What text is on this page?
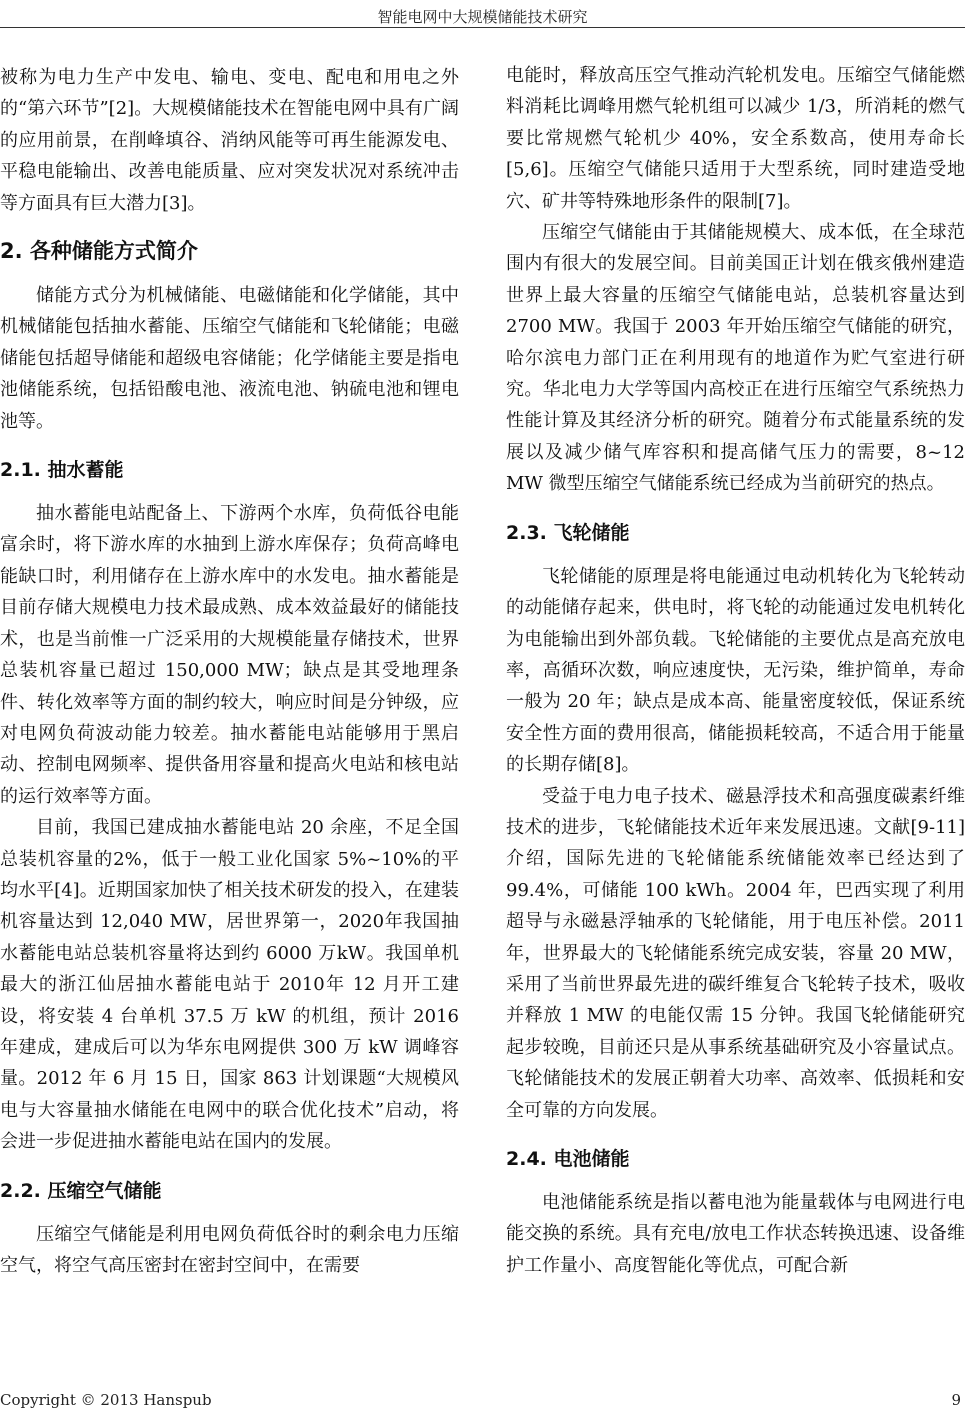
智能电网中大规模储能技术研究

被称为电力生产中发电、输电、变电、配电和用电之外的“第六环节”[2]。大规模储能技术在智能电网中具有广阔的应用前景，在削峰填谷、消纳风能等可再生能源发电、平稳电能输出、改善电能质量、应对突发状况对系统冲击等方面具有巨大潜力[3]。

2. 各种储能方式简介

储能方式分为机械储能、电磁储能和化学储能，其中机械储能包括抽水蓄能、压缩空气储能和飞轮储能；电磁储能包括超导储能和超级电容储能；化学储能主要是指电池储能系统，包括铅酸电池、液流电池、钠硫电池和锂电池等。

2.1. 抽水蓄能

抽水蓄能电站配备上、下游两个水库，负荷低谷电能富余时，将下游水库的水抽到上游水库保存；负荷高峰电能缺口时，利用储存在上游水库中的水发电。抽水蓄能是目前存储大规模电力技术最成熟、成本效益最好的储能技术，也是当前惟一广泛采用的大规模能量存储技术，世界总装机容量已超过 150,000 MW；缺点是其受地理条件、转化效率等方面的制约较大，响应时间是分钟级，应对电网负荷波动能力较差。抽水蓄能电站能够用于黑启动、控制电网频率、提供备用容量和提高火电站和核电站的运行效率等方面。

目前，我国已建成抽水蓄能电站 20 余座，不足全国总装机容量的2%，低于一般工业化国家 5%~10%的平均水平[4]。近期国家加快了相关技术研发的投入，在建装机容量达到 12,040 MW，居世界第一，2020年我国抽水蓄能电站总装机容量将达到约 6000 万kW。我国单机最大的浙江仙居抽水蓄能电站于 2010年 12 月开工建设，将安装 4 台单机 37.5 万 kW 的机组，预计 2016 年建成，建成后可以为华东电网提供 300 万 kW 调峰容量。2012 年 6 月 15 日，国家 863 计划课题“大规模风电与大容量抽水储能在电网中的联合优化技术”启动，将会进一步促进抽水蓄能电站在国内的发展。

2.2. 压缩空气储能

压缩空气储能是利用电网负荷低谷时的剩余电力压缩空气，将空气高压密封在密封空间中，在需要

电能时，释放高压空气推动汽轮机发电。压缩空气储能燃料消耗比调峰用燃气轮机组可以减少 1/3，所消耗的燃气要比常规燃气轮机少 40%，安全系数高，使用寿命长[5,6]。压缩空气储能只适用于大型系统，同时建造受地穴、矿井等特殊地形条件的限制[7]。

压缩空气储能由于其储能规模大、成本低，在全球范围内有很大的发展空间。目前美国正计划在俄亥俄州建造世界上最大容量的压缩空气储能电站，总装机容量达到 2700 MW。我国于 2003 年开始压缩空气储能的研究，哈尔滨电力部门正在利用现有的地道作为贮气室进行研究。华北电力大学等国内高校正在进行压缩空气系统热力性能计算及其经济分析的研究。随着分布式能量系统的发展以及减少储气库容积和提高储气压力的需要，8~12 MW 微型压缩空气储能系统已经成为当前研究的热点。

2.3. 飞轮储能

飞轮储能的原理是将电能通过电动机转化为飞轮转动的动能储存起来，供电时，将飞轮的动能通过发电机转化为电能输出到外部负载。飞轮储能的主要优点是高充放电率，高循环次数，响应速度快，无污染，维护简单，寿命一般为 20 年；缺点是成本高、能量密度较低，保证系统安全性方面的费用很高，储能损耗较高，不适合用于能量的长期存储[8]。

受益于电力电子技术、磁悬浮技术和高强度碳素纤维技术的进步，飞轮储能技术近年来发展迅速。文献[9-11]介绍，国际先进的飞轮储能系统储能效率已经达到了 99.4%，可储能 100 kWh。2004 年，巴西实现了利用超导与永磁悬浮轴承的飞轮储能，用于电压补偿。2011 年，世界最大的飞轮储能系统完成安装，容量 20 MW，采用了当前世界最先进的碳纤维复合飞轮转子技术，吸收并释放 1 MW 的电能仅需 15 分钟。我国飞轮储能研究起步较晚，目前还只是从事系统基础研究及小容量试点。飞轮储能技术的发展正朝着大功率、高效率、低损耗和安全可靠的方向发展。

2.4. 电池储能

电池储能系统是指以蓄电池为能量载体与电网进行电能交换的系统。具有充电/放电工作状态转换迅速、设备维护工作量小、高度智能化等优点，可配合新

Copyright © 2013 Hanspub	9
